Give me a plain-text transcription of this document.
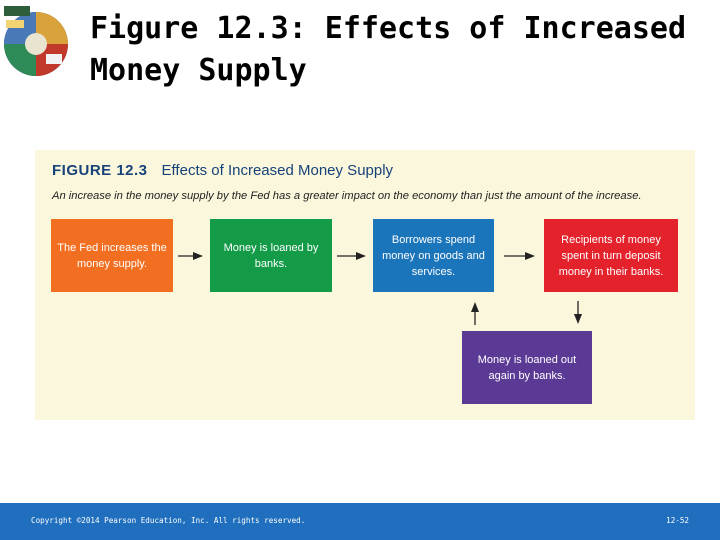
Figure 12.3: Effects of Increased Money Supply
FIGURE 12.3 Effects of Increased Money Supply
An increase in the money supply by the Fed has a greater impact on the economy than just the amount of the increase.
The Fed increases the money supply.
Money is loaned by banks.
Borrowers spend money on goods and services.
Recipients of money spent in turn deposit money in their banks.
Money is loaned out again by banks.
Copyright ©2014 Pearson Education, Inc. All rights reserved.	12-52
